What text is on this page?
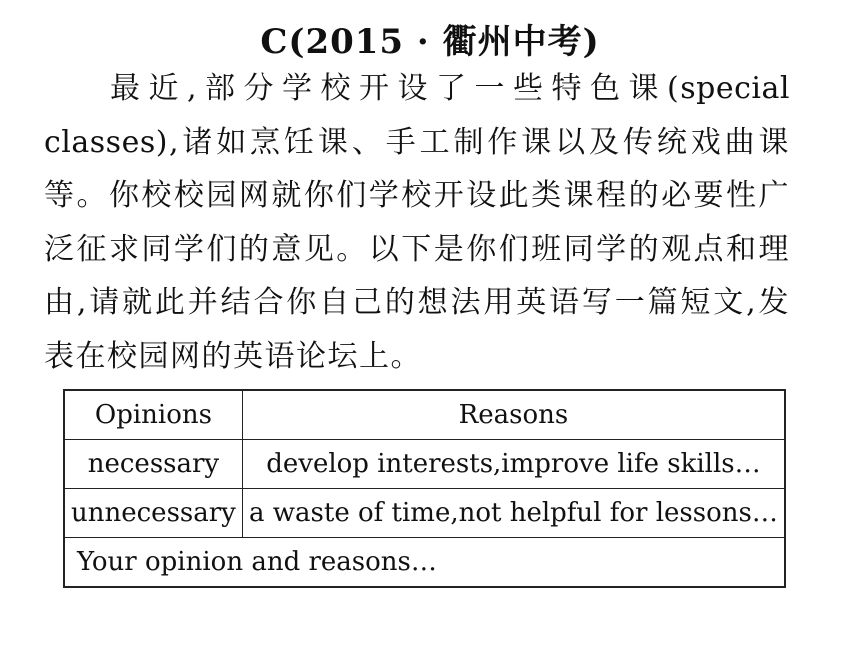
C(2015 · 衢州中考)
最近,部分学校开设了一些特色课(special classes),诸如烹饪课、手工制作课以及传统戏曲课等。你校校园网就你们学校开设此类课程的必要性广泛征求同学们的意见。以下是你们班同学的观点和理由,请就此并结合你自己的想法用英语写一篇短文,发表在校园网的英语论坛上。
Opinions	Reasons
necessary	develop interests,improve life skills…
unnecessary	a waste of time,not helpful for lessons…
Your opinion and reasons…	
